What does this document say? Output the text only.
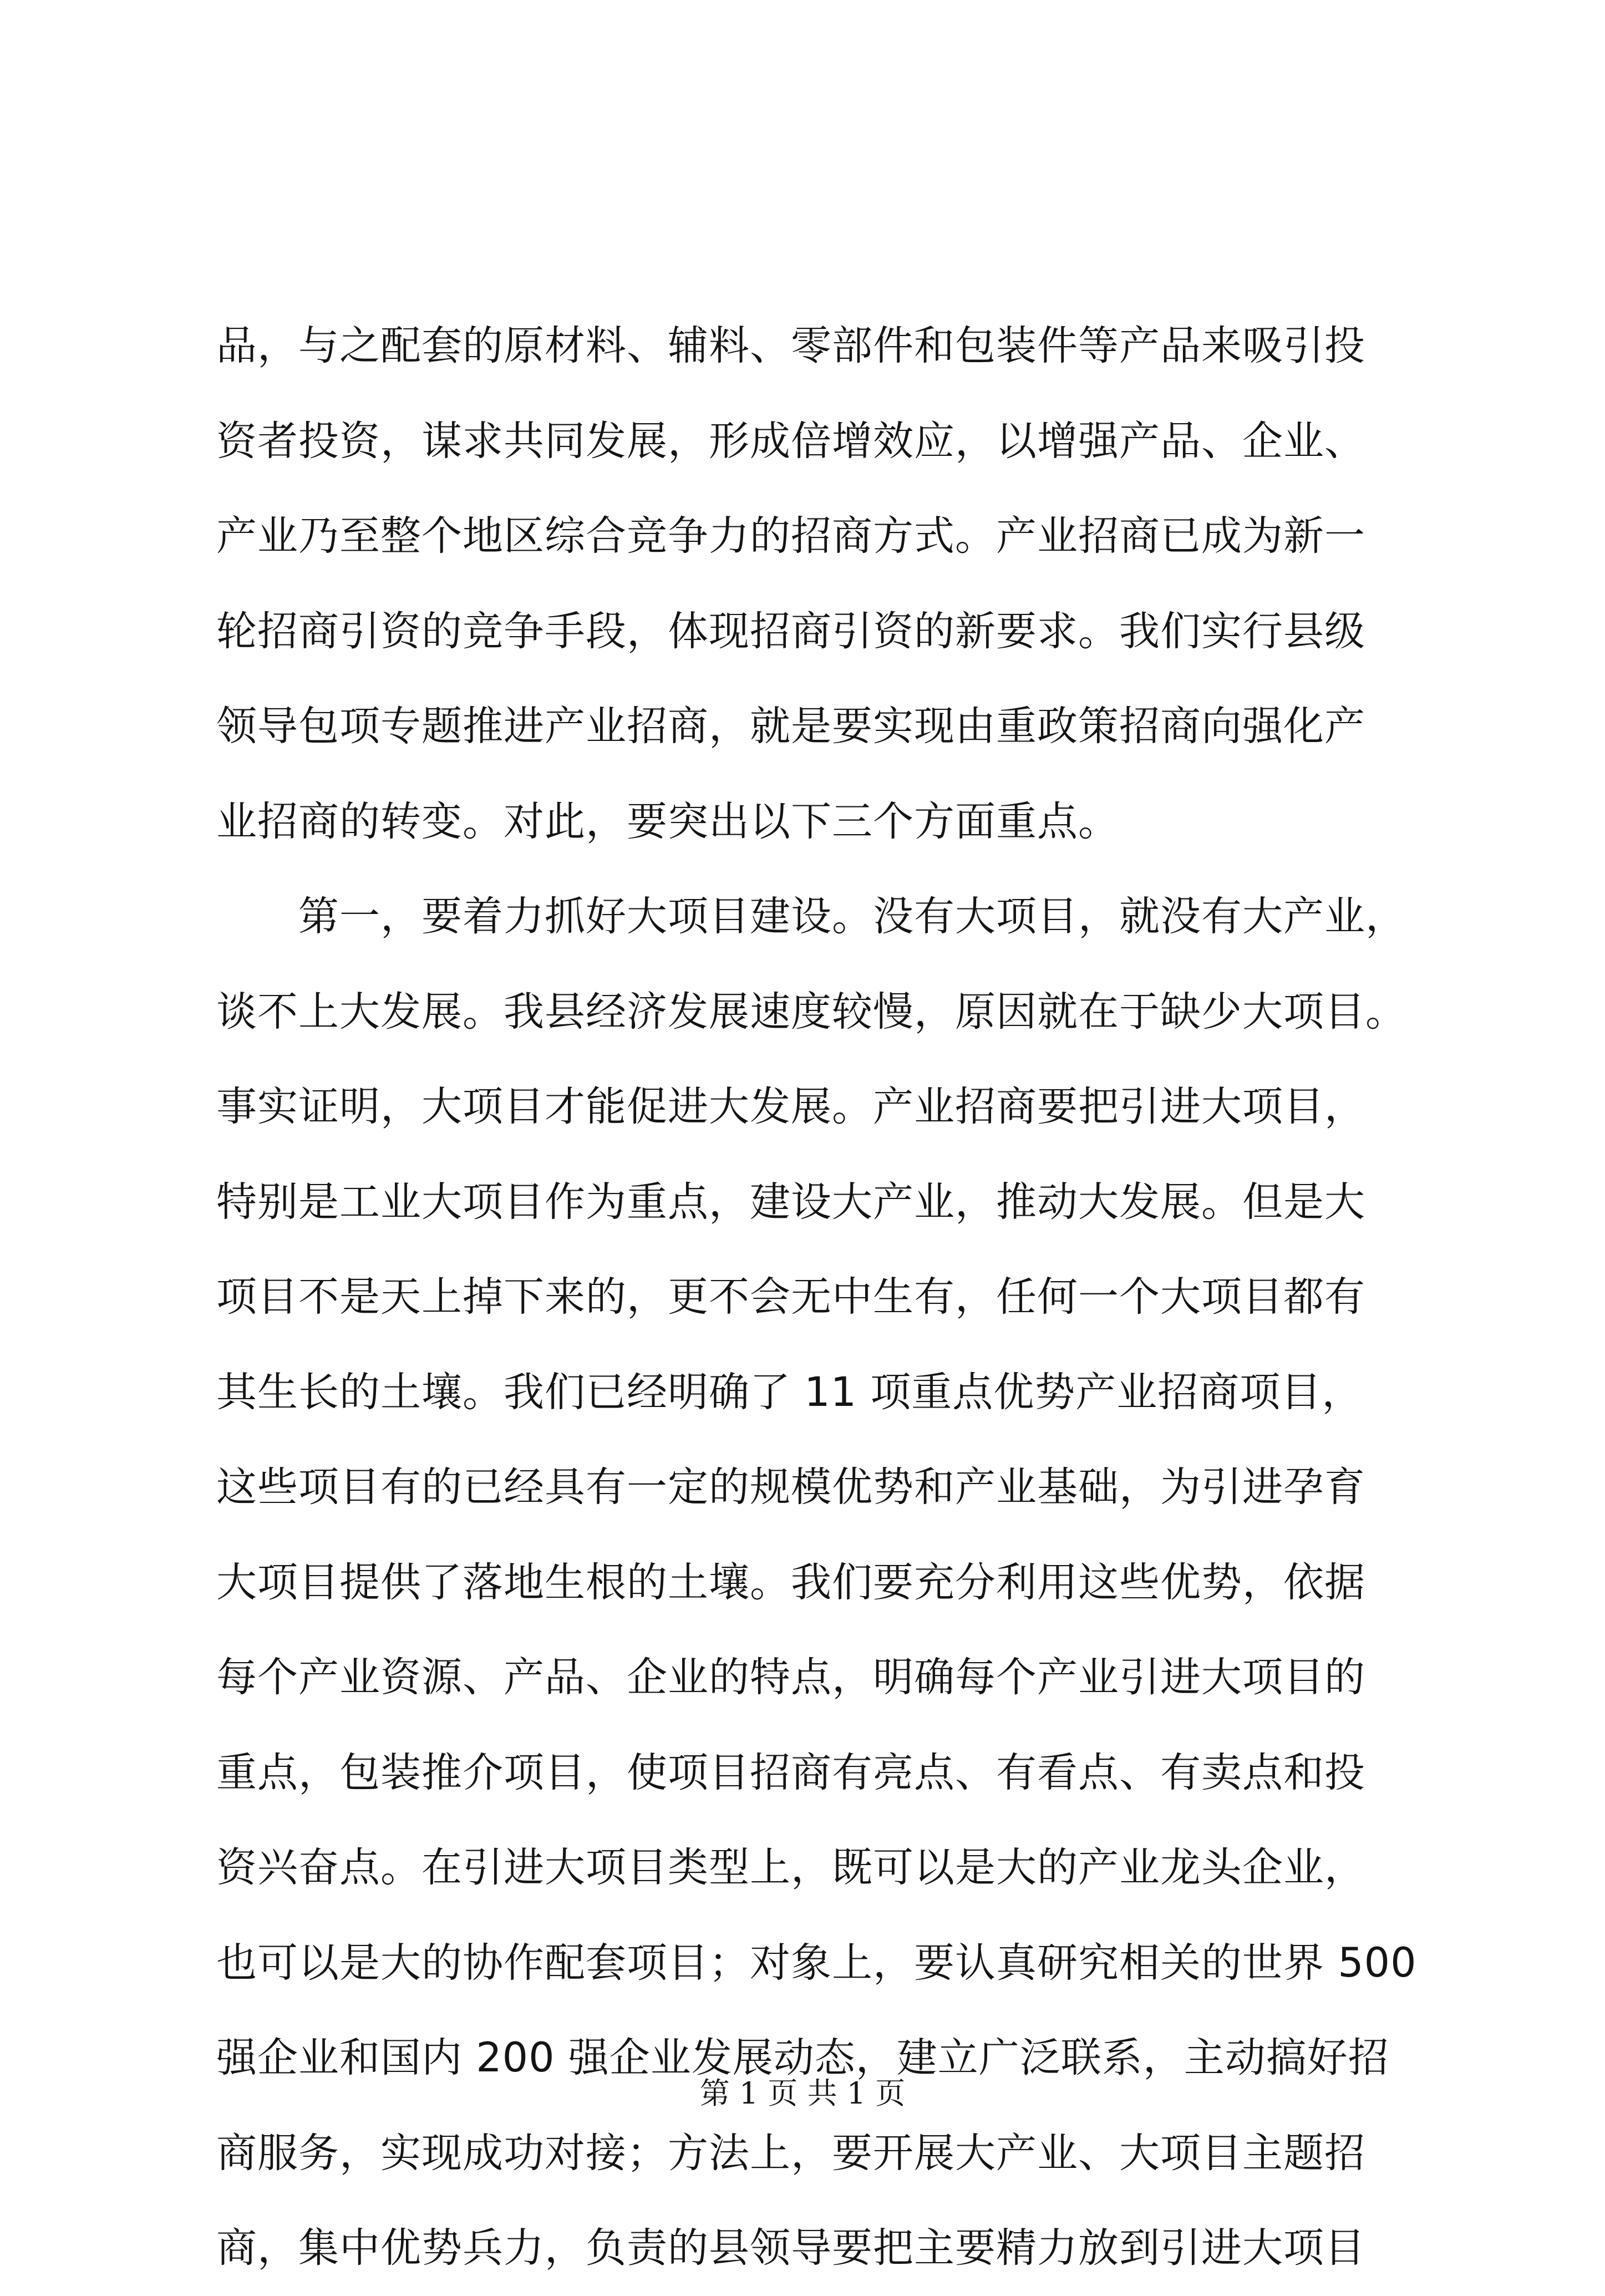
品，与之配套的原材料、辅料、零部件和包装件等产品来吸引投
资者投资，谋求共同发展，形成倍增效应，以增强产品、企业、
产业乃至整个地区综合竞争力的招商方式。产业招商已成为新一
轮招商引资的竞争手段，体现招商引资的新要求。我们实行县级
领导包项专题推进产业招商，就是要实现由重政策招商向强化产
业招商的转变。对此，要突出以下三个方面重点。
　　第一，要着力抓好大项目建设。没有大项目，就没有大产业，
谈不上大发展。我县经济发展速度较慢，原因就在于缺少大项目。
事实证明，大项目才能促进大发展。产业招商要把引进大项目，
特别是工业大项目作为重点，建设大产业，推动大发展。但是大
项目不是天上掉下来的，更不会无中生有，任何一个大项目都有
其生长的土壤。我们已经明确了 11 项重点优势产业招商项目，
这些项目有的已经具有一定的规模优势和产业基础，为引进孕育
大项目提供了落地生根的土壤。我们要充分利用这些优势，依据
每个产业资源、产品、企业的特点，明确每个产业引进大项目的
重点，包装推介项目，使项目招商有亮点、有看点、有卖点和投
资兴奋点。在引进大项目类型上，既可以是大的产业龙头企业，
也可以是大的协作配套项目；对象上，要认真研究相关的世界 500
强企业和国内 200 强企业发展动态，建立广泛联系，主动搞好招
商服务，实现成功对接；方法上，要开展大产业、大项目主题招
商，集中优势兵力，负责的县领导要把主要精力放到引进大项目
第 1 页 共 1 页
